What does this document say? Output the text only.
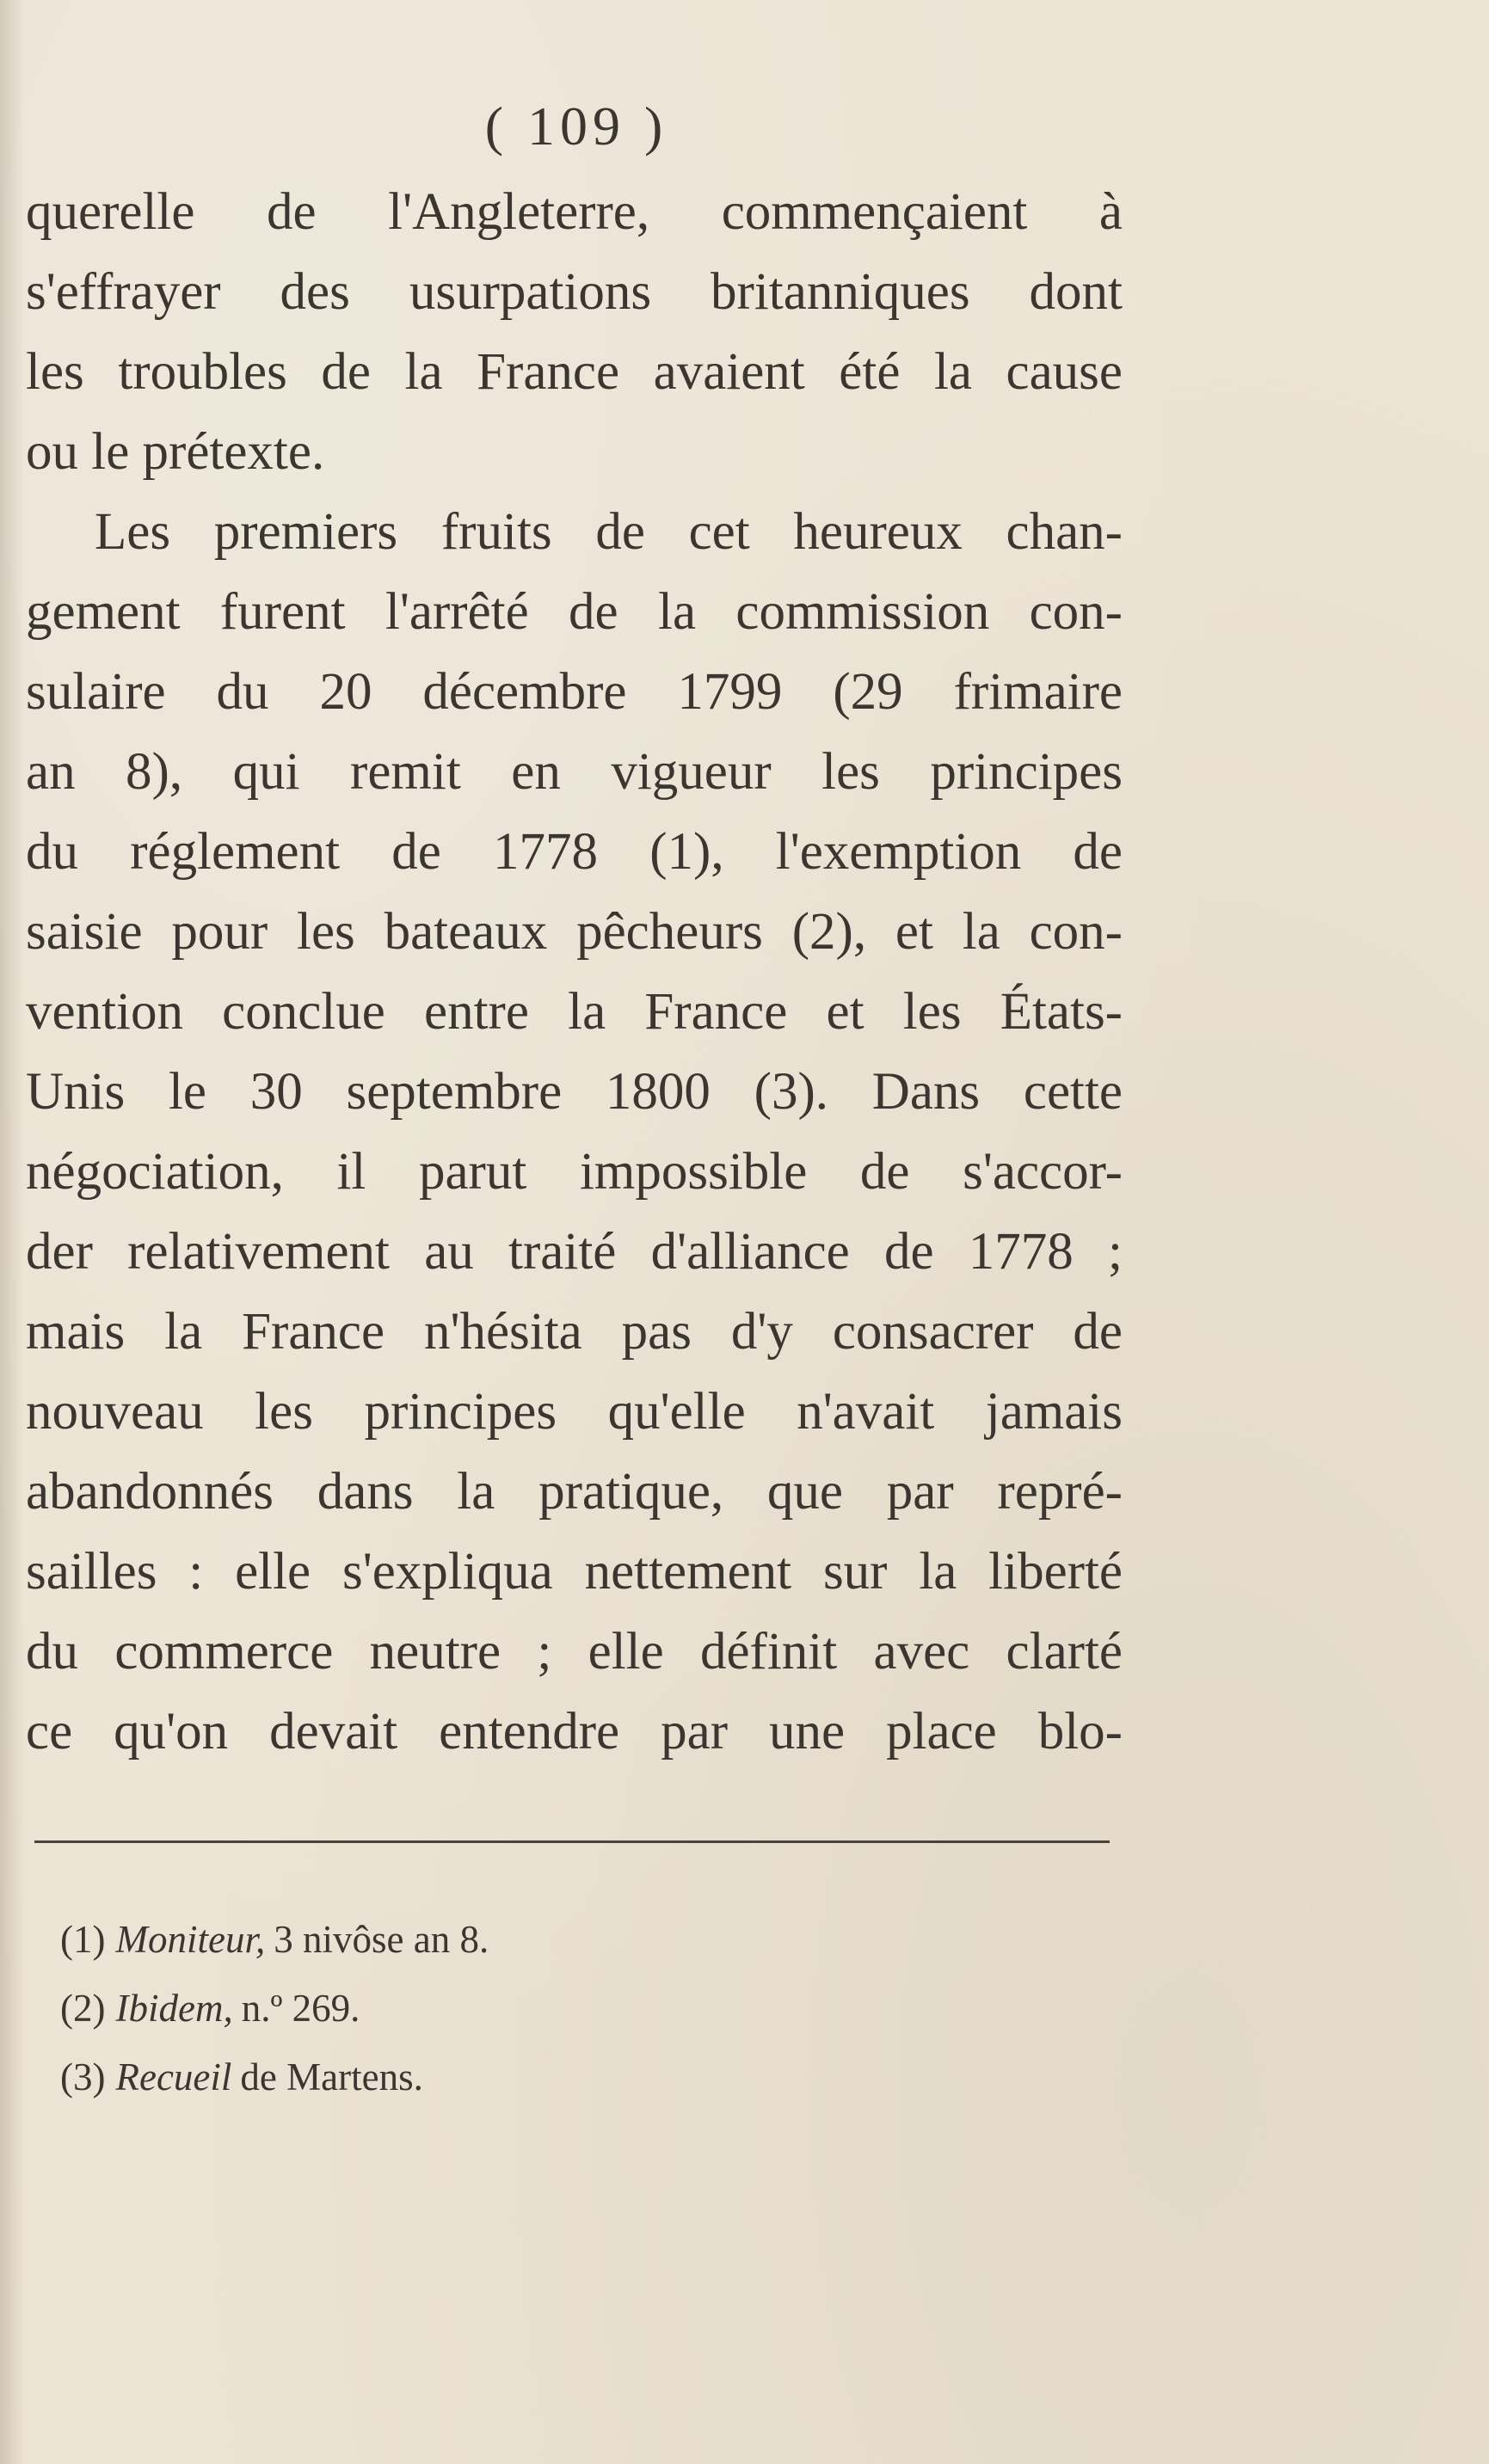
( 109 )
querelle de l'Angleterre, commençaient à
s'effrayer des usurpations britanniques dont
les troubles de la France avaient été la cause
ou le prétexte.
Les premiers fruits de cet heureux chan-
gement furent l'arrêté de la commission con-
sulaire du 20 décembre 1799 (29 frimaire
an 8), qui remit en vigueur les principes
du réglement de 1778 (1), l'exemption de
saisie pour les bateaux pêcheurs (2), et la con-
vention conclue entre la France et les États-
Unis le 30 septembre 1800 (3). Dans cette
négociation, il parut impossible de s'accor-
der relativement au traité d'alliance de 1778 ;
mais la France n'hésita pas d'y consacrer de
nouveau les principes qu'elle n'avait jamais
abandonnés dans la pratique, que par repré-
sailles : elle s'expliqua nettement sur la liberté
du commerce neutre ; elle définit avec clarté
ce qu'on devait entendre par une place blo-
(1) Moniteur, 3 nivôse an 8.
(2) Ibidem, n.º 269.
(3) Recueil de Martens.
